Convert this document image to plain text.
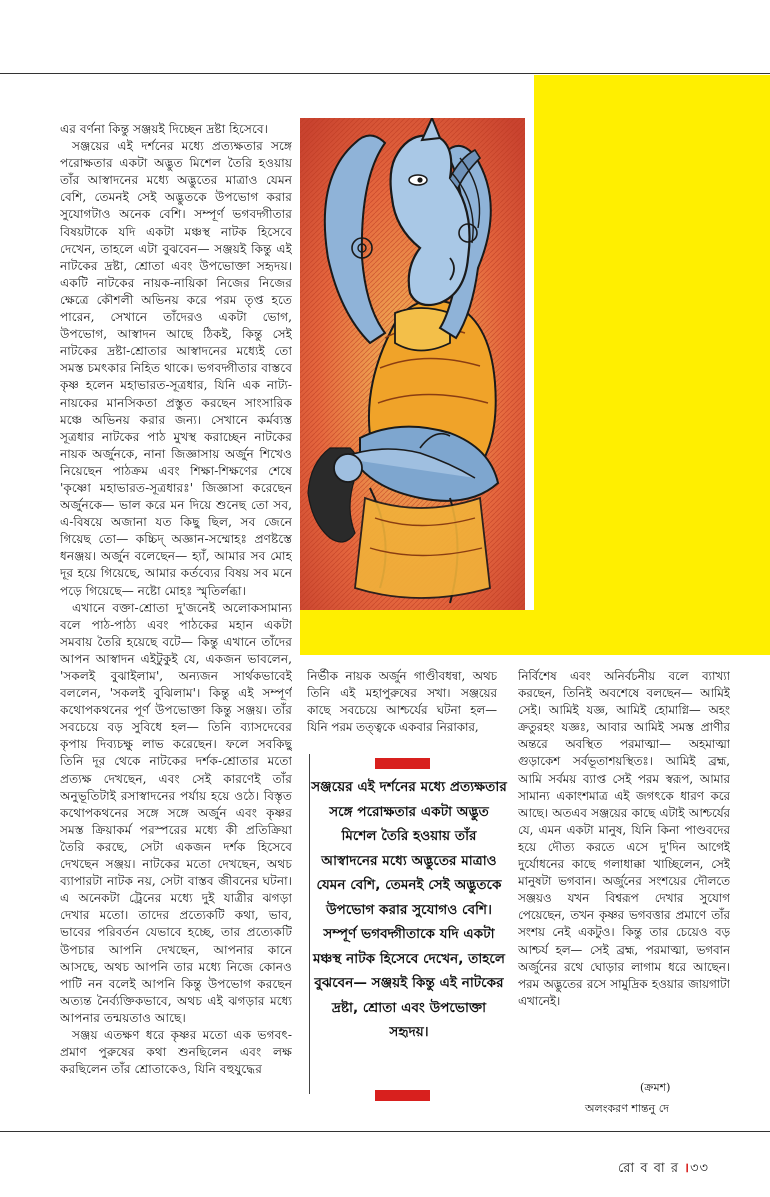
এর বর্ণনা কিন্তু সঞ্জয়ই দিচ্ছেন দ্রষ্টা হিসেবে।

সঞ্জয়ের এই দর্শনের মধ্যে প্রত্যক্ষতার সঙ্গে পরোক্ষতার একটা অদ্ভুত মিশেল তৈরি হওয়ায় তাঁর আস্বাদনের মধ্যে অদ্ভুতের মাত্রাও যেমন বেশি, তেমনই সেই অদ্ভুতকে উপভোগ করার সুযোগটাও অনেক বেশি। সম্পূর্ণ ভগবদ্গীতার বিষয়টাকে যদি একটা মঞ্চস্থ নাটক হিসেবে দেখেন, তাহলে এটা বুঝবেন— সঞ্জয়ই কিন্তু এই নাটকের দ্রষ্টা, শ্রোতা এবং উপভোক্তা সহৃদয়। একটি নাটকের নায়ক-নায়িকা নিজের নিজের ক্ষেত্রে কৌশলী অভিনয় করে পরম তৃপ্ত হতে পারেন, সেখানে তাঁদেরও একটা ভোগ, উপভোগ, আস্বাদন আছে ঠিকই, কিন্তু সেই নাটকের দ্রষ্টা-শ্রোতার আস্বাদনের মধ্যেই তো সমস্ত চমৎকার নিহিত থাকে। ভগবদ্গীতার বাস্তবে কৃষ্ণ হলেন মহাভারত-সূত্রধার, যিনি এক নাট্য-নায়কের মানসিকতা প্রস্তুত করছেন সাংসারিক মঞ্চে অভিনয় করার জন্য। সেখানে কর্মব্যস্ত সূত্রধার নাটকের পাঠ মুখস্থ করাচ্ছেন নাটকের নায়ক অর্জুনকে, নানা জিজ্ঞাসায় অর্জুন শিখেও নিয়েছেন পাঠক্রম এবং শিক্ষা-শিক্ষণের শেষে 'কৃষ্ণো মহাভারত-সূত্রধারঃ' জিজ্ঞাসা করেছেন অর্জুনকে— ভাল করে মন দিয়ে শুনেছ তো সব, এ-বিষয়ে অজানা যত কিছু ছিল, সব জেনে গিয়েছ তো— কচ্চিদ্ অজ্ঞান-সম্মোহঃ প্রণষ্টস্তে ধনঞ্জয়। অর্জুন বলেছেন— হ্যাঁ, আমার সব মোহ দূর হয়ে গিয়েছে, আমার কর্তব্যের বিষয় সব মনে পড়ে গিয়েছে— নষ্টো মোহঃ স্মৃতির্লব্ধা।

এখানে বক্তা-শ্রোতা দু'জনেই অলোকসামান্য বলে পাঠ-পাঠ্য এবং পাঠকের মহান একটা সমবায় তৈরি হয়েছে বটে— কিন্তু এখানে তাঁদের আপন আস্বাদন এইটুকুই যে, একজন ভাবলেন, 'সকলই বুঝাইলাম', অন্যজন সার্থকভাবেই বললেন, 'সকলই বুঝিলাম'। কিন্তু এই সম্পূর্ণ কথোপকথনের পূর্ণ উপভোক্তা কিন্তু সঞ্জয়। তাঁর সবচেয়ে বড় সুবিধে হল— তিনি ব্যাসদেবের কৃপায় দিব্যচক্ষু লাভ করেছেন। ফলে সবকিছু তিনি দূর থেকে নাটকের দর্শক-শ্রোতার মতো প্রত্যক্ষ দেখছেন, এবং সেই কারণেই তাঁর অনুভূতিটাই রসাস্বাদনের পর্যায় হয়ে ওঠে। বিস্তৃত কথোপকথনের সঙ্গে সঙ্গে অর্জুন এবং কৃষ্ণর সমস্ত ক্রিয়াকর্ম পরস্পরের মধ্যে কী প্রতিক্রিয়া তৈরি করছে, সেটা একজন দর্শক হিসেবে দেখছেন সঞ্জয়। নাটকের মতো দেখছেন, অথচ ব্যাপারটা নাটক নয়, সেটা বাস্তব জীবনের ঘটনা। এ অনেকটা ট্রেনের মধ্যে দুই যাত্রীর ঝগড়া দেখার মতো। তাদের প্রত্যেকটি কথা, ভাব, ভাবের পরিবর্তন যেভাবে হচ্ছে, তার প্রত্যেকটি উপচার আপনি দেখছেন, আপনার কানে আসছে, অথচ আপনি তার মধ্যে নিজে কোনও পাটি নন বলেই আপনি কিন্তু উপভোগ করছেন অত্যন্ত নৈর্ব্যক্তিকভাবে, অথচ এই ঝগড়ার মধ্যে আপনার তন্ময়তাও আছে।

সঞ্জয় এতক্ষণ ধরে কৃষ্ণর মতো এক ভগবৎ-প্রমাণ পুরুষের কথা শুনছিলেন এবং লক্ষ করছিলেন তাঁর শ্রোতাকেও, যিনি বহুযুদ্ধের

নির্ভীক নায়ক অর্জুন গাণ্ডীবধন্বা, অথচ তিনি এই মহাপুরুষের সখা। সঞ্জয়ের কাছে সবচেয়ে আশ্চর্যের ঘটনা হল— যিনি পরম তত্ত্বকে একবার নিরাকার,

নির্বিশেষ এবং অনির্বচনীয় বলে ব্যাখ্যা করছেন, তিনিই অবশেষে বলছেন— আমিই সেই। আমিই যজ্ঞ, আমিই হোমাগ্নি— অহং ক্রতুরহং যজ্ঞঃ, আবার আমিই সমস্ত প্রাণীর অন্তরে অবস্থিত পরমাত্মা— অহমাত্মা গুড়াকেশ সর্বভূতাশয়স্থিতঃ। আমিই ব্রহ্ম, আমি সর্বময় ব্যাপ্ত সেই পরম স্বরূপ, আমার সামান্য একাংশমাত্র এই জগৎকে ধারণ করে আছে। অতএব সঞ্জয়ের কাছে এটাই আশ্চর্যের যে, এমন একটা মানুষ, যিনি কিনা পাণ্ডবদের হয়ে দৌত্য করতে এসে দু'দিন আগেই দুর্যোধনের কাছে গলাধাক্কা খাচ্ছিলেন, সেই মানুষটা ভগবান। অর্জুনের সংশয়ের দৌলতে সঞ্জয়ও যখন বিশ্বরূপ দেখার সুযোগ পেয়েছেন, তখন কৃষ্ণর ভগবত্তার প্রমাণে তাঁর সংশয় নেই একটুও। কিন্তু তার চেয়েও বড় আশ্চর্য হল— সেই ব্রহ্ম, পরমাত্মা, ভগবান অর্জুনের রথে ঘোড়ার লাগাম ধরে আছেন। পরম অদ্ভুতের রসে সামুদ্রিক হওয়ার জায়গাটা এখানেই।

সঞ্জয়ের এই দর্শনের মধ্যে প্রত্যক্ষতার সঙ্গে পরোক্ষতার একটা অদ্ভুত মিশেল তৈরি হওয়ায় তাঁর আস্বাদনের মধ্যে অদ্ভুতের মাত্রাও যেমন বেশি, তেমনই সেই অদ্ভুতকে উপভোগ করার সুযোগও বেশি। সম্পূর্ণ ভগবদ্গীতাকে যদি একটা মঞ্চস্থ নাটক হিসেবে দেখেন, তাহলে বুঝবেন— সঞ্জয়ই কিন্তু এই নাটকের দ্রষ্টা, শ্রোতা এবং উপভোক্তা সহৃদয়।
(ক্রমশ)
অলংকরণ শান্তনু দে
রো ব বা র ।৩৩
